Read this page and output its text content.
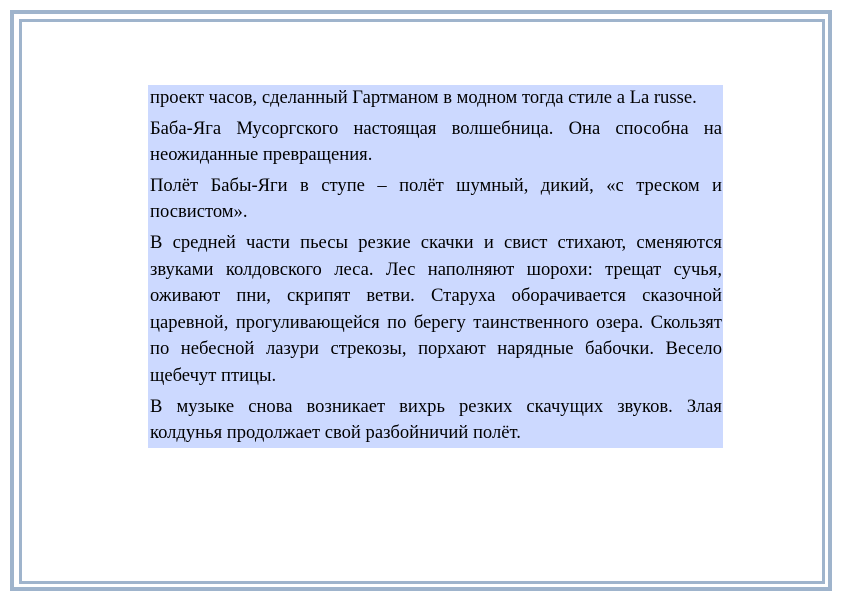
проект часов, сделанный Гартманом в модном тогда стиле а La russe.

Баба-Яга Мусоргского настоящая волшебница. Она способна на неожиданные превращения.

Полёт Бабы-Яги в ступе – полёт шумный, дикий, «с треском и посвистом».

В средней части пьесы резкие скачки и свист стихают, сменяются звуками колдовского леса. Лес наполняют шорохи: трещат сучья, оживают пни, скрипят ветви. Старуха оборачивается сказочной царевной, прогуливающейся по берегу таинственного озера. Скользят по небесной лазури стрекозы, порхают нарядные бабочки. Весело щебечут птицы.

В музыке снова возникает вихрь резких скачущих звуков. Злая колдунья продолжает свой разбойничий полёт.
